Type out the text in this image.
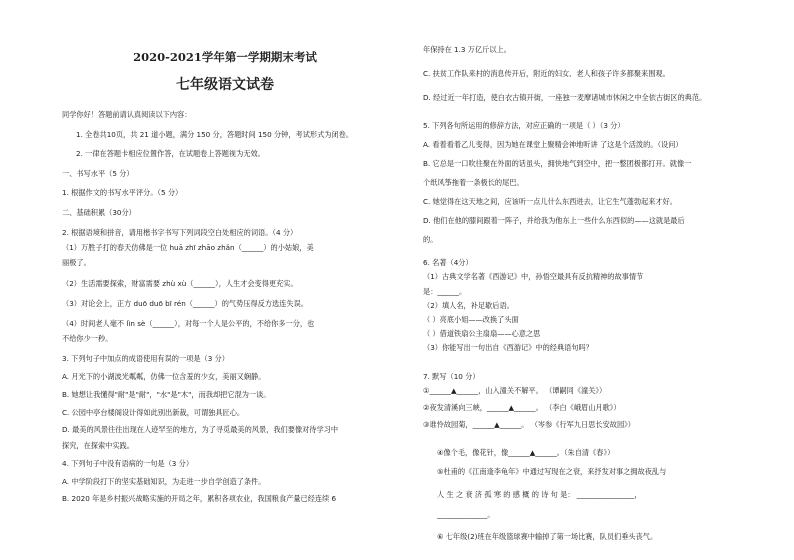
2020-2021学年第一学期期末考试
七年级语文试卷
同学你好！答题前请认真阅读以下内容：
1. 全卷共10页，共 21 道小题，满分 150 分，答题时间 150 分钟，考试形式为闭卷。
2. 一律在答题卡相应位置作答，在试题卷上答题视为无效。
一、书写水平（5 分）
1. 根据作文的书写水平评分。（5 分）
二、基础积累（30分）
2. 根据语境和拼音，请用楷书字书写下列词段空白处相应的词语。（4 分）
（1）万胜子打的春天仿佛是一位 huā zhī zhāo zhǎn（______）的小姑娘，美
丽极了。
（2）生活需要探索，财富需要 zhù xù（______），人生才会变得更充实。
（3）对论会上，正方 duō duō bī rén（______）的气势压得反方选连失误。
（4）时间老人毫不 lìn sè（______），对每一个人是公平的，不给你多一分，也
不给你少一秒。
3. 下列句子中加点的成语使用有误的一项是（3 分）
A. 月光下的小湖波光粼粼，仿佛一位含羞的少女，美丽又娴静。
B. 她想让我懂得"耐"是"耐"，"水"是"木"，而我却把它混为一谈。
C. 公园中亭台楼阁设计得如此别出新裁，可谓独具匠心。
D. 最美的风景往往出现在人迹罕至的地方，为了寻觅最美的风景，我们要像对待学习中
探究，在探索中实践。
4. 下列句子中没有语病的一句是（3 分）
A. 中学阶段打下的坚实基础知识，为走进一步自学创造了条件。
B. 2020 年是乡村振兴战略实施的开局之年，累积各项农业，我国粮食产量已经连续 6
年保持在 1.3 万亿斤以上。
C. 扶贫工作队来村的消息传开后，附近的妇女、老人和孩子许多都聚来围观。
D. 经过近一年打造，使白衣古镇开街，一座独一麦摩诸城市休闲之中全依古街区的典范。
5. 下列各句所运用的修辞方法，对应正确的一项是（ ）（3 分）
A. 看着看着乙儿变得，因为她在课堂上聚精会神地听讲 了这是个活泼的。（设问）
B. 它总是一口吹往聚在外面的话虽头，拥快地气到空中，把一整团极都打开。就像一
个纸风筝拖着一条极长的尾巴。
C. 她觉得在这天地之间，应该听一点儿什么东西进去，让它生气蓬勃起来才好。
D. 他们在他的膝间跟着一阵子，并给我为他东上一些什么东西似的——这就是最后
的。
6. 名著（4分）
（1）古典文学名著《西游记》中，孙悟空最具有反抗精神的故事情节
是：______。
（2）填人名，补足歇后语。
（ ）亮底小姐——改换了头面
（ ）借道铁扇公主扇扇——心意之思
（3）你能写出一句出自《西游记》中的经典语句吗？
7. 默写（10 分）
①______▲______，山入潼关不解平。 （谭嗣同《潼关》）
②夜发清溪向三峡，______▲______。 （李白《峨眉山月歌》）
③谁怜故园菊，______▲______。 （岑参《行军九日思长安故园》）
④像个毛，像花针，像______▲______。（朱自清《春》）
⑤杜甫的《江南逢李龟年》中通过写现在之衰，来抒发对事之拥故夜乱与
人 生 之 衰 济 孤 寒 的 感 概 的 诗 句 是： ________________，
______________。
⑥ 七年级(2)班在年级篮球赛中输掉了第一场比赛，队员们垂头丧气。
